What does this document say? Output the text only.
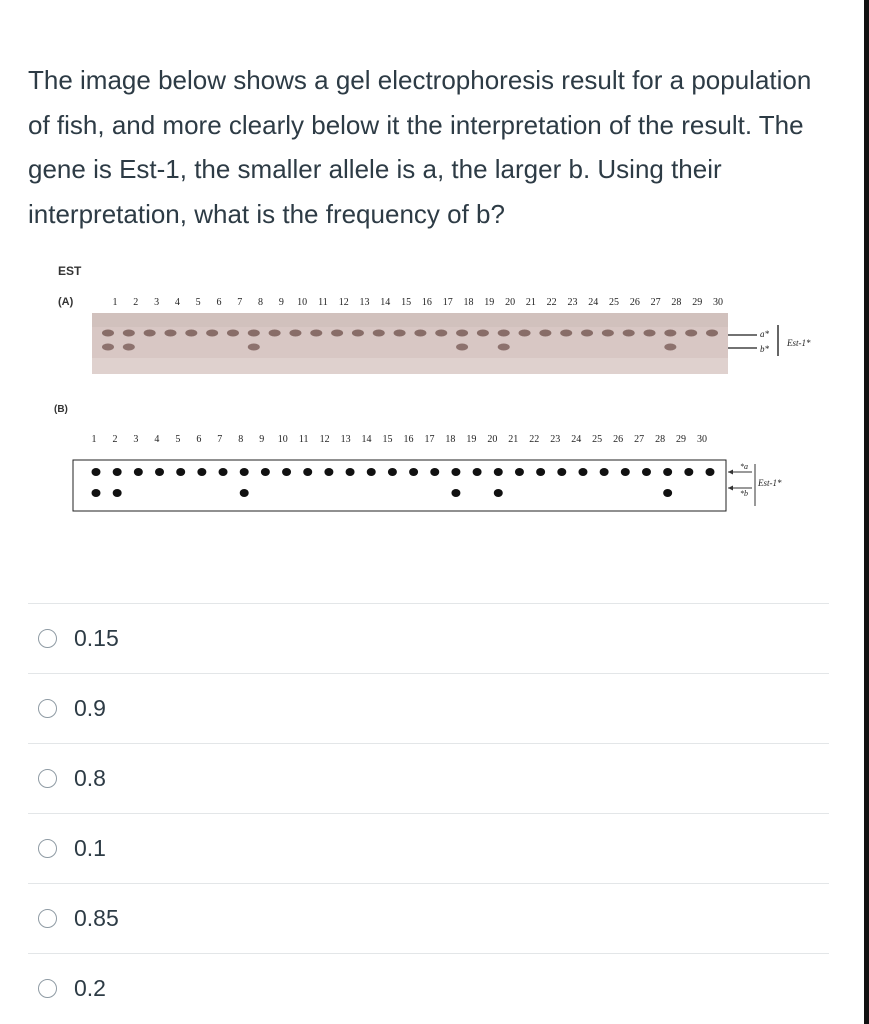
The image below shows a gel electrophoresis result for a population of fish, and more clearly below it the interpretation of the result. The gene is Est-1, the smaller allele is a, the larger b. Using their interpretation, what is the frequency of b?
EST
(A)	1 2 3 4 5 6 7 8 9 10 11 12 13 14 15 16 17 18 19 20 21 22 23 24 25 26 27 28 29 30
a*
b*
Est-1*
(B)
1 2 3 4 5 6 7 8 9 10 11 12 13 14 15 16 17 18 19 20 21 22 23 24 25 26 27 28 29 30
*a
*b
Est-1*
0.15
0.9
0.8
0.1
0.85
0.2
